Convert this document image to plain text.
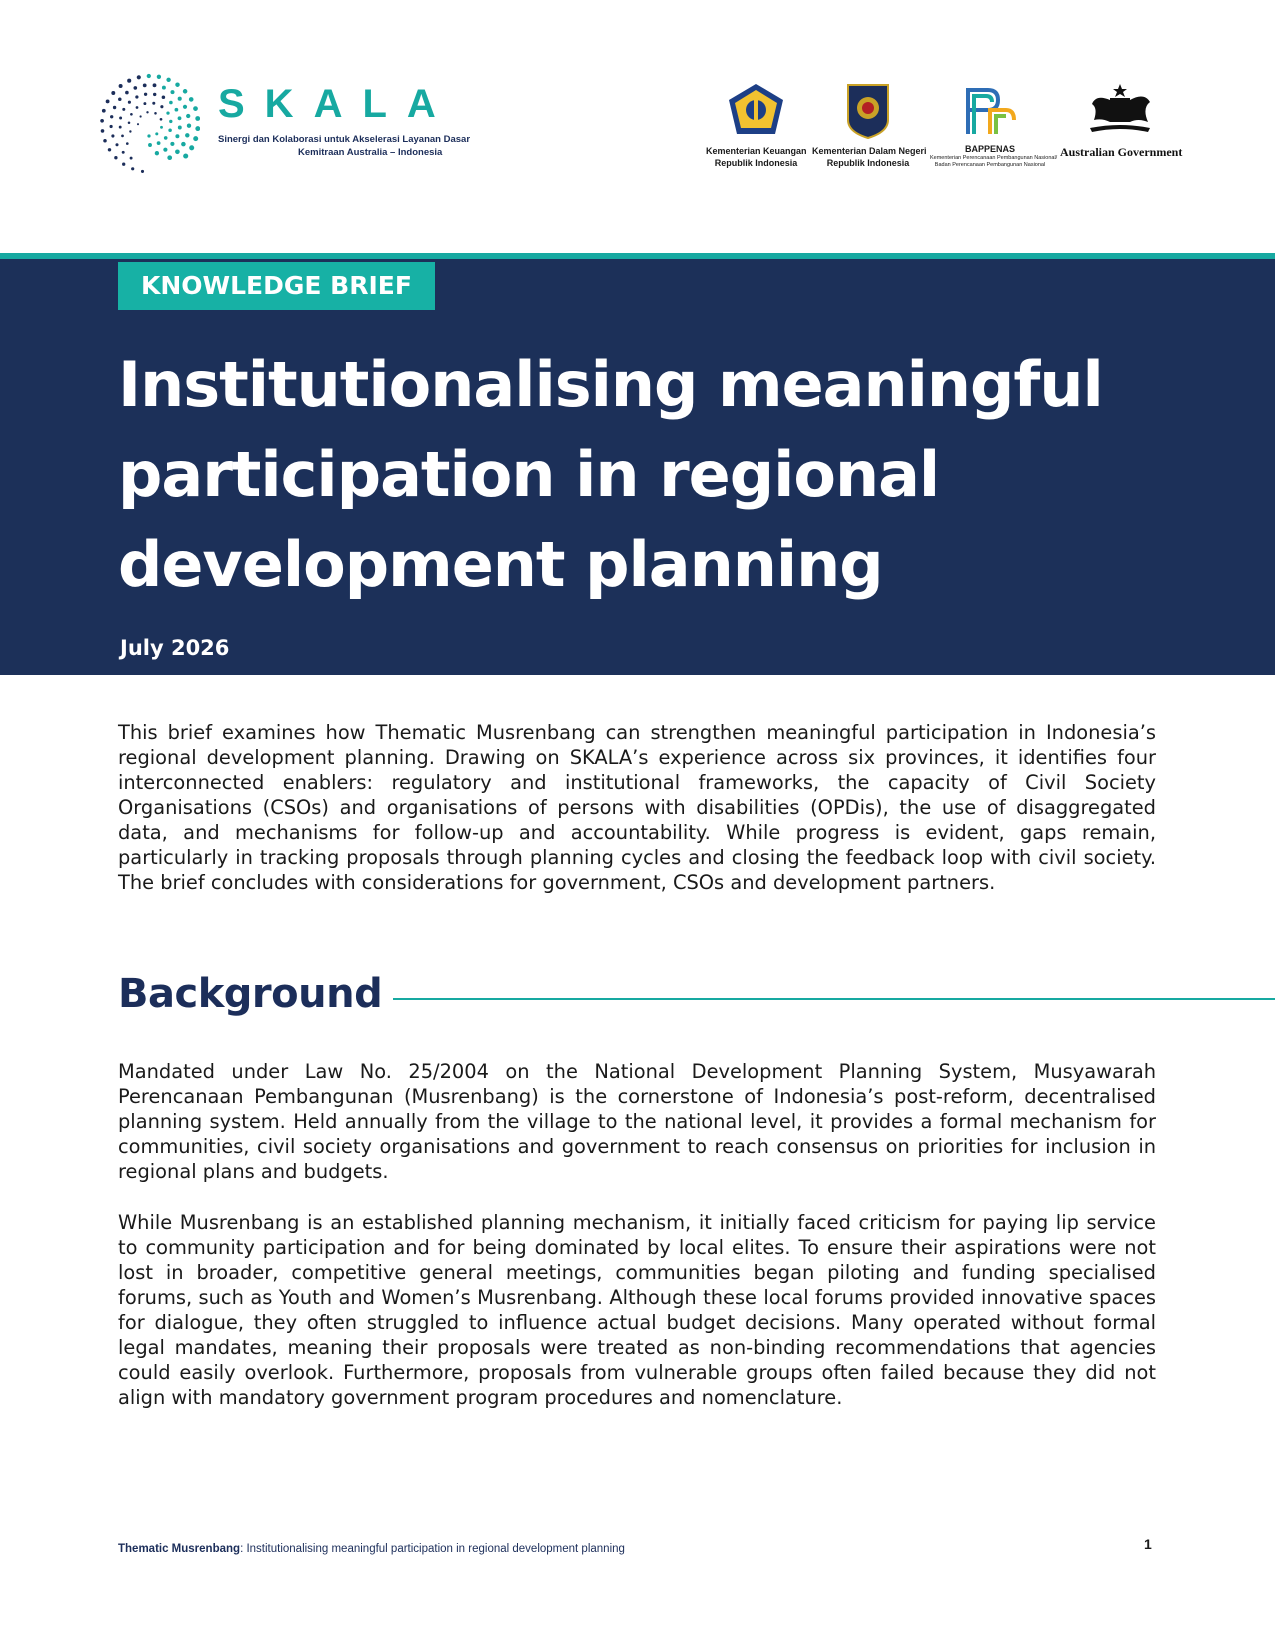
SKALA
Sinergi dan Kolaborasi untuk Akselerasi Layanan Dasar
Kemitraan Australia – Indonesia	Kementerian Keuangan
Republik Indonesia
Kementerian Dalam Negeri
Republik Indonesia
BAPPENAS
Kementerian Perencanaan Pembangunan Nasional/
Badan Perencanaan Pembangunan Nasional
Australian Government
KNOWLEDGE BRIEF
Institutionalising meaningful participation in regional development planning
July 2026

This brief examines how Thematic Musrenbang can strengthen meaningful participation in Indonesia’s regional development planning. Drawing on SKALA’s experience across six provinces, it identifies four interconnected enablers: regulatory and institutional frameworks, the capacity of Civil Society Organisations (CSOs) and organisations of persons with disabilities (OPDis), the use of disaggregated data, and mechanisms for follow-up and accountability. While progress is evident, gaps remain, particularly in tracking proposals through planning cycles and closing the feedback loop with civil society. The brief concludes with considerations for government, CSOs and development partners.

Background

Mandated under Law No. 25/2004 on the National Development Planning System, Musyawarah Perencanaan Pembangunan (Musrenbang) is the cornerstone of Indonesia’s post-reform, decentralised planning system. Held annually from the village to the national level, it provides a formal mechanism for communities, civil society organisations and government to reach consensus on priorities for inclusion in regional plans and budgets.

While Musrenbang is an established planning mechanism, it initially faced criticism for paying lip service to community participation and for being dominated by local elites. To ensure their aspirations were not lost in broader, competitive general meetings, communities began piloting and funding specialised forums, such as Youth and Women’s Musrenbang. Although these local forums provided innovative spaces for dialogue, they often struggled to influence actual budget decisions. Many operated without formal legal mandates, meaning their proposals were treated as non-binding recommendations that agencies could easily overlook. Furthermore, proposals from vulnerable groups often failed because they did not align with mandatory government program procedures and nomenclature.

Thematic Musrenbang: Institutionalising meaningful participation in regional development planning	1
